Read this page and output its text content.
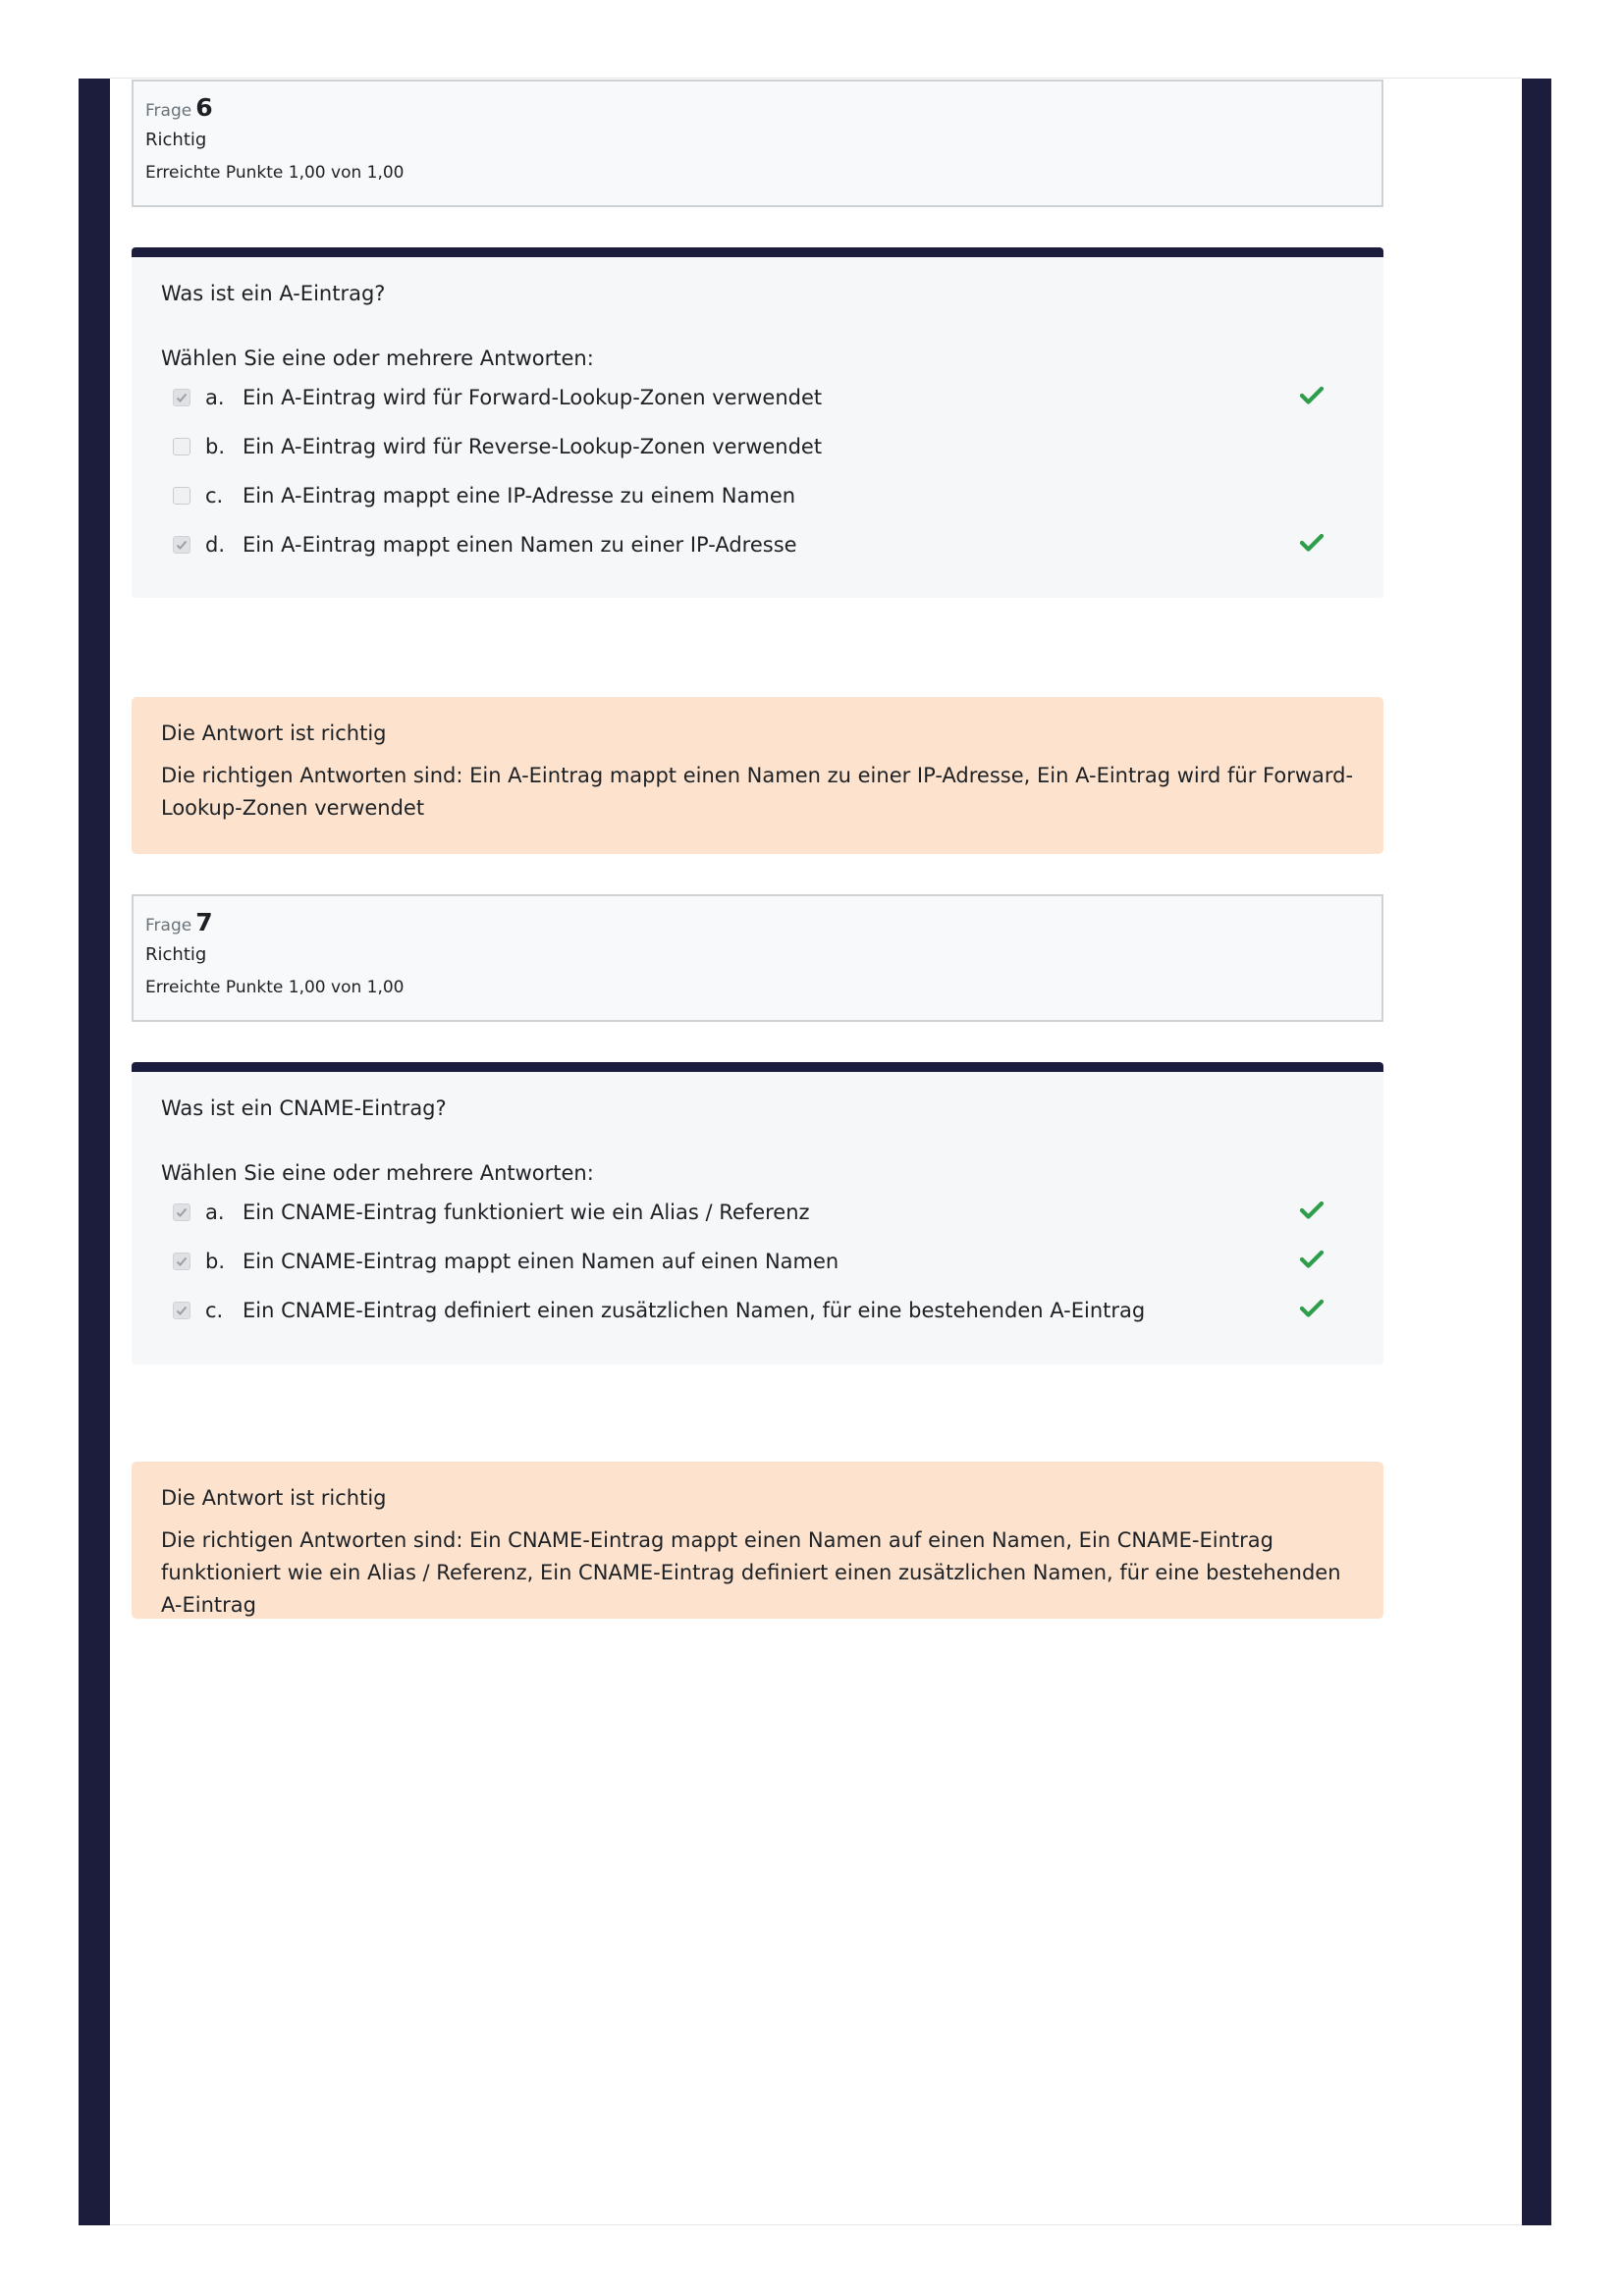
Frage 6
Richtig
Erreichte Punkte 1,00 von 1,00
Was ist ein A-Eintrag?
Wählen Sie eine oder mehrere Antworten:
a. Ein A-Eintrag wird für Forward-Lookup-Zonen verwendet
b. Ein A-Eintrag wird für Reverse-Lookup-Zonen verwendet
c. Ein A-Eintrag mappt eine IP-Adresse zu einem Namen
d. Ein A-Eintrag mappt einen Namen zu einer IP-Adresse
Die Antwort ist richtig
Die richtigen Antworten sind: Ein A-Eintrag mappt einen Namen zu einer IP-Adresse, Ein A-Eintrag wird für Forward-Lookup-Zonen verwendet
Frage 7
Richtig
Erreichte Punkte 1,00 von 1,00
Was ist ein CNAME-Eintrag?
Wählen Sie eine oder mehrere Antworten:
a. Ein CNAME-Eintrag funktioniert wie ein Alias / Referenz
b. Ein CNAME-Eintrag mappt einen Namen auf einen Namen
c. Ein CNAME-Eintrag definiert einen zusätzlichen Namen, für eine bestehenden A-Eintrag
Die Antwort ist richtig
Die richtigen Antworten sind: Ein CNAME-Eintrag mappt einen Namen auf einen Namen, Ein CNAME-Eintrag funktioniert wie ein Alias / Referenz, Ein CNAME-Eintrag definiert einen zusätzlichen Namen, für eine bestehenden A-Eintrag
